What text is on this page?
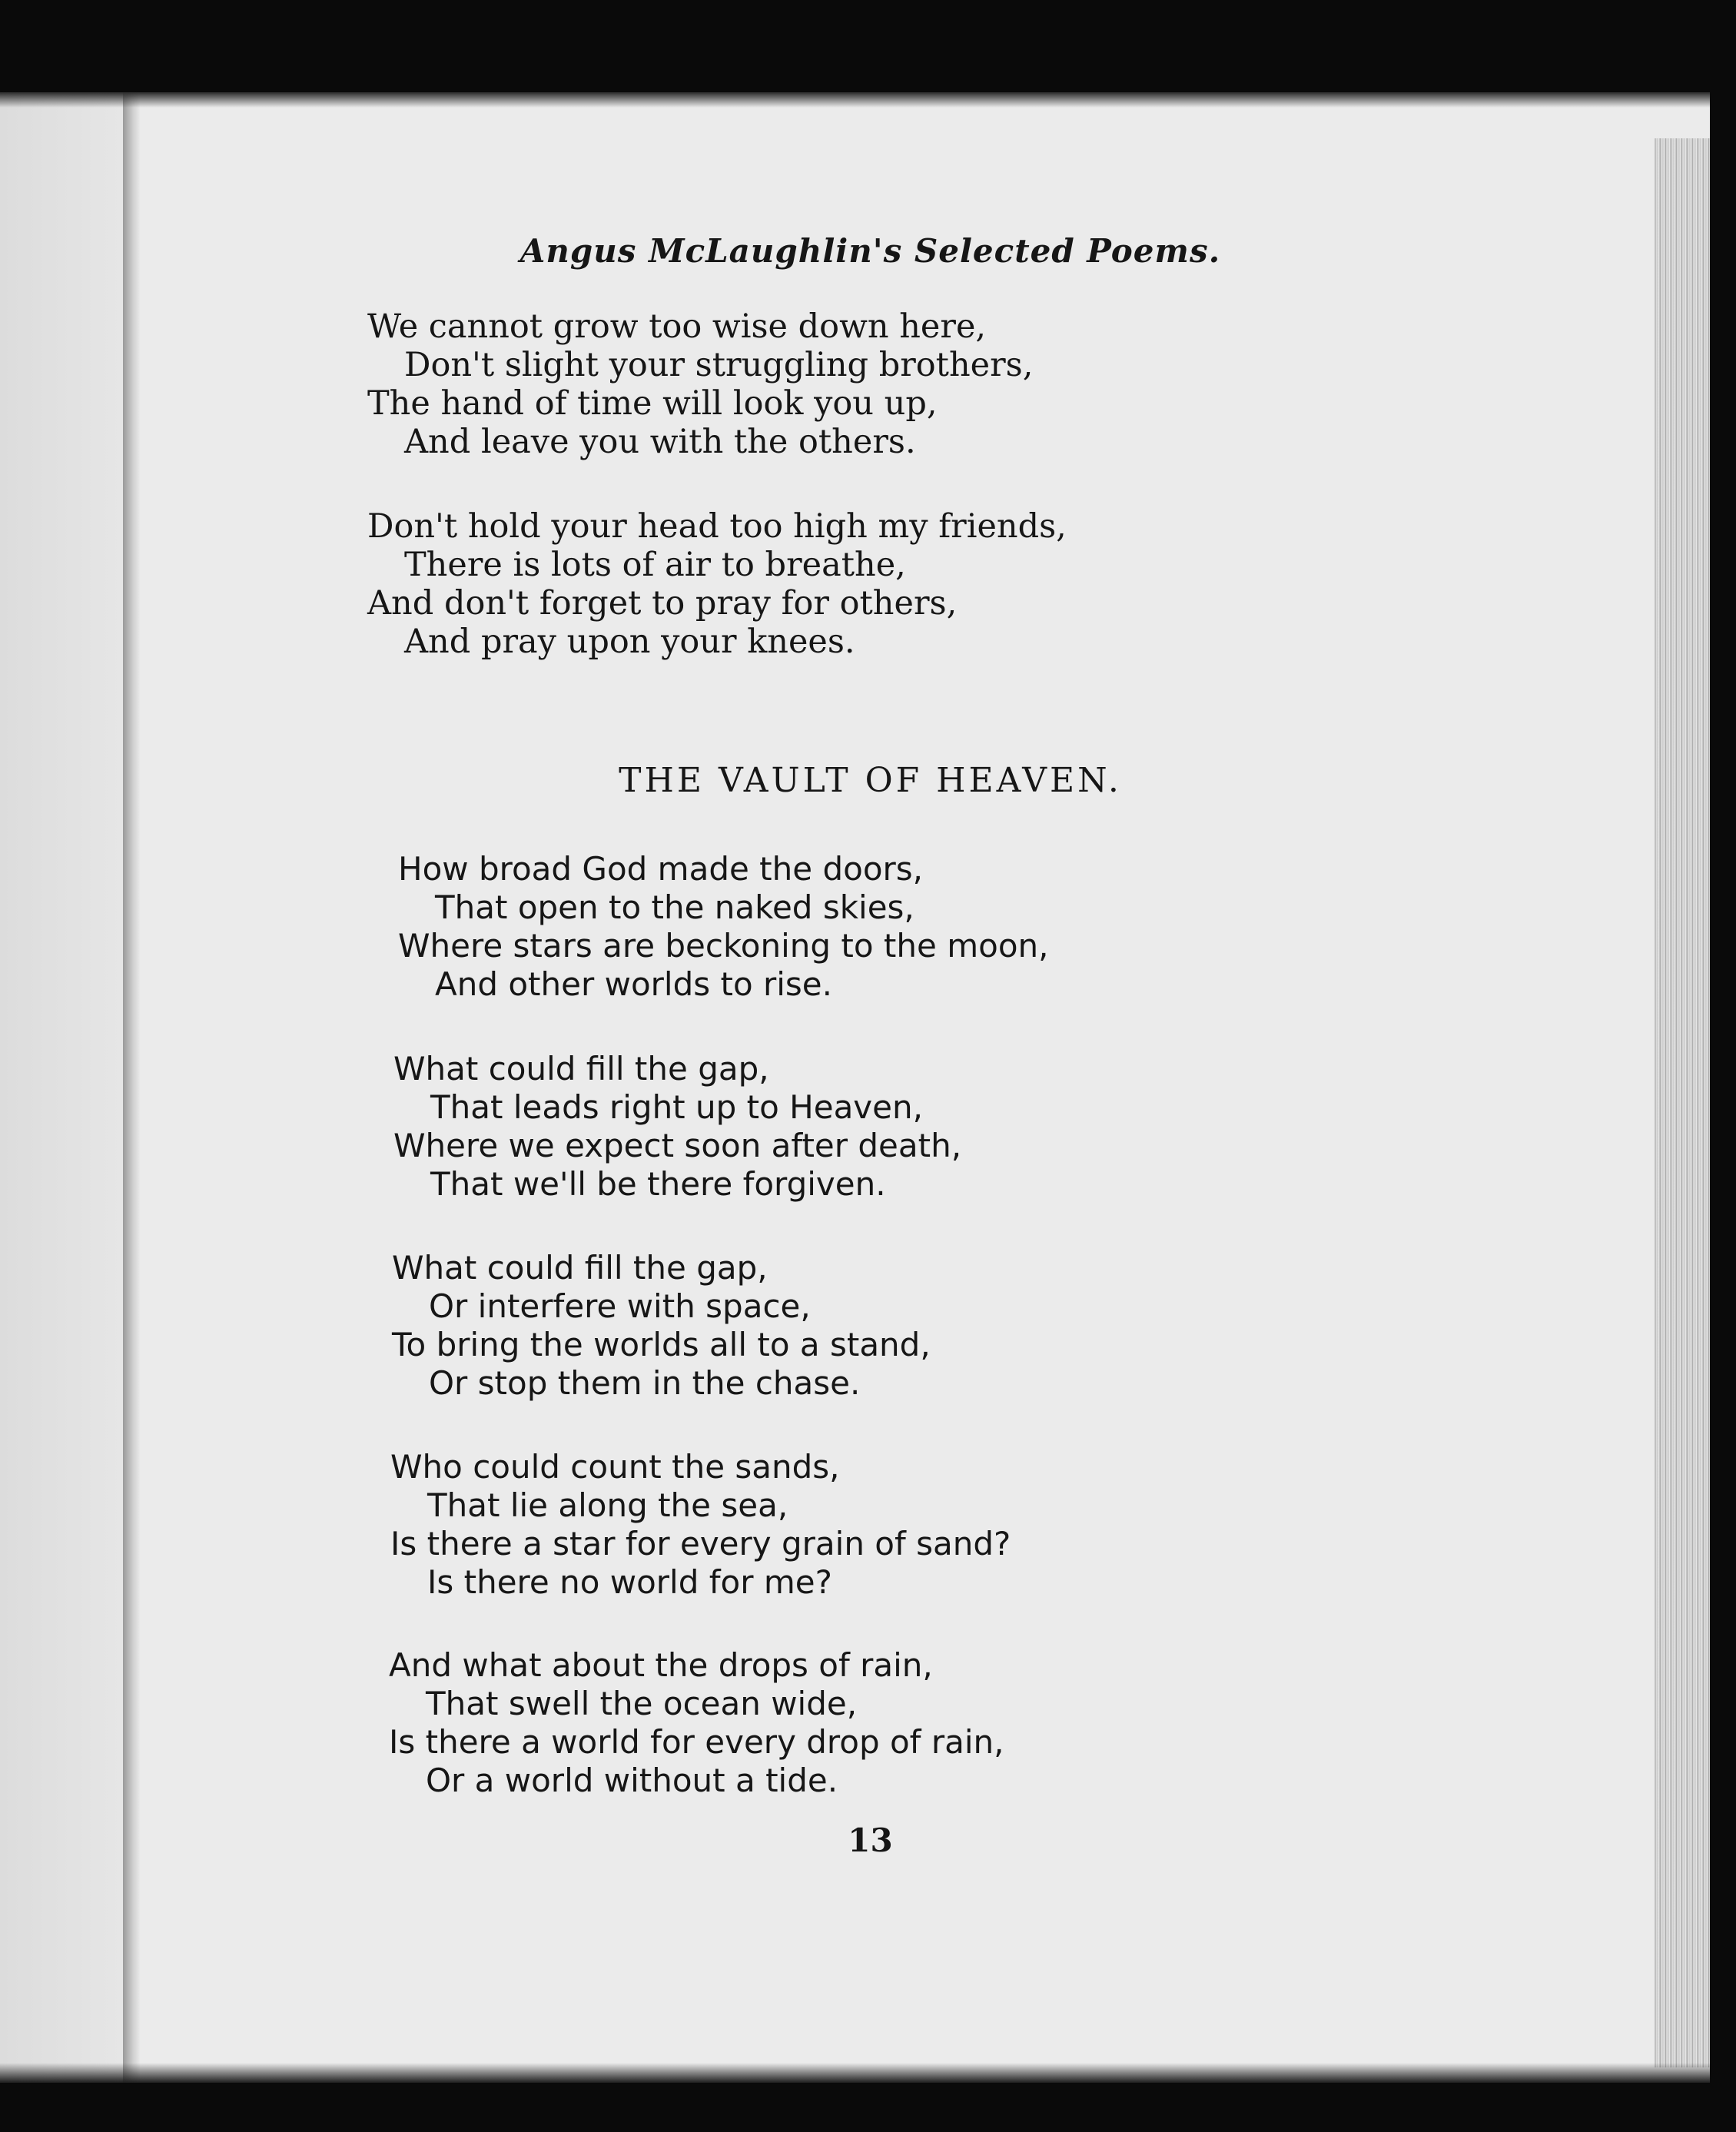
Angus McLaughlin's Selected Poems.
We cannot grow too wise down here,
Don't slight your struggling brothers,
The hand of time will look you up,
And leave you with the others.
Don't hold your head too high my friends,
There is lots of air to breathe,
And don't forget to pray for others,
And pray upon your knees.
THE VAULT OF HEAVEN.
How broad God made the doors,
That open to the naked skies,
Where stars are beckoning to the moon,
And other worlds to rise.
What could fill the gap,
That leads right up to Heaven,
Where we expect soon after death,
That we'll be there forgiven.
What could fill the gap,
Or interfere with space,
To bring the worlds all to a stand,
Or stop them in the chase.
Who could count the sands,
That lie along the sea,
Is there a star for every grain of sand?
Is there no world for me?
And what about the drops of rain,
That swell the ocean wide,
Is there a world for every drop of rain,
Or a world without a tide.
13
